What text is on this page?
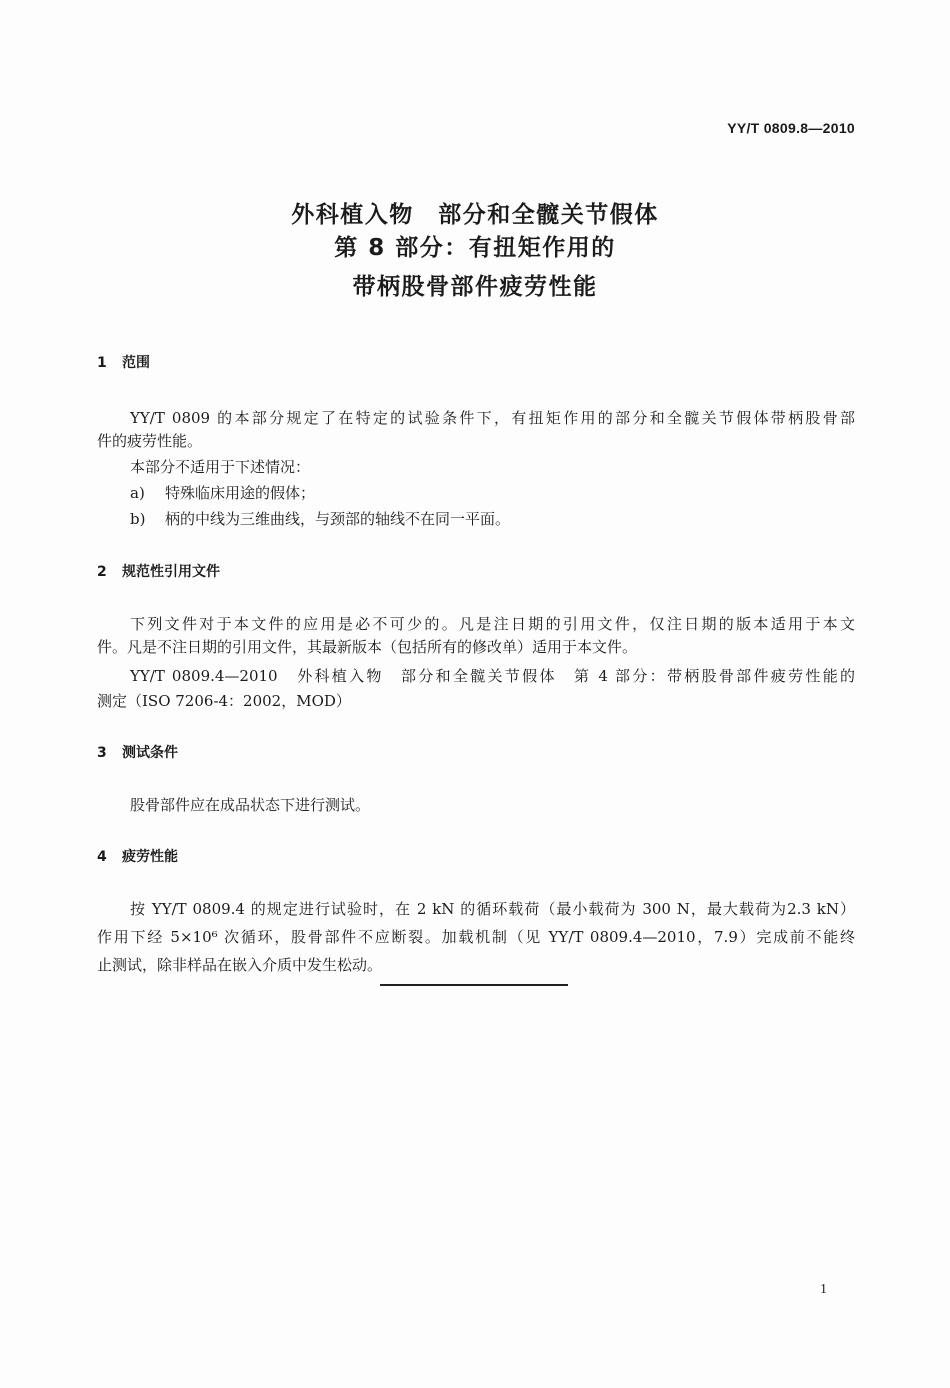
YY/T 0809.8—2010
外科植入物　部分和全髋关节假体
第 8 部分：有扭矩作用的
带柄股骨部件疲劳性能
1 范围
YY/T 0809 的本部分规定了在特定的试验条件下，有扭矩作用的部分和全髋关节假体带柄股骨部
件的疲劳性能。
本部分不适用于下述情况：
a) 特殊临床用途的假体；
b) 柄的中线为三维曲线，与颈部的轴线不在同一平面。
2 规范性引用文件
下列文件对于本文件的应用是必不可少的。凡是注日期的引用文件，仅注日期的版本适用于本文
件。凡是不注日期的引用文件，其最新版本（包括所有的修改单）适用于本文件。
YY/T 0809.4—2010　外科植入物　部分和全髋关节假体　第 4 部分：带柄股骨部件疲劳性能的
测定（ISO 7206-4：2002，MOD）
3 测试条件
股骨部件应在成品状态下进行测试。
4 疲劳性能
按 YY/T 0809.4 的规定进行试验时，在 2 kN 的循环载荷（最小载荷为 300 N，最大载荷为2.3 kN）
作用下经 5×10⁶ 次循环，股骨部件不应断裂。加载机制（见 YY/T 0809.4—2010，7.9）完成前不能终
止测试，除非样品在嵌入介质中发生松动。
1
